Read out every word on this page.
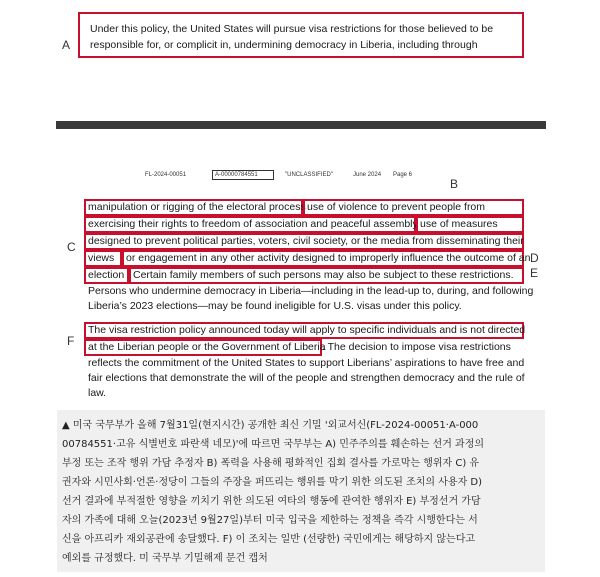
A
Under this policy, the United States will pursue visa restrictions for those believed to be
responsible for, or complicit in, undermining democracy in Liberia, including through
FL-2024-00051	A-00000784551	"UNCLASSIFIED"	June 2024 Page 6
B
C
D
E
F
manipulation or rigging of the electoral process use of violence to prevent people from
exercising their rights to freedom of association and peaceful assembly use of measures
designed to prevent political parties, voters, civil society, or the media from disseminating their
views or engagement in any other activity designed to improperly influence the outcome of an
election Certain family members of such persons may also be subject to these restrictions.
Persons who undermine democracy in Liberia—including in the lead-up to, during, and following
Liberia’s 2023 elections—may be found ineligible for U.S. visas under this policy.
The visa restriction policy announced today will apply to specific individuals and is not directed
at the Liberian people or the Government of Liberia
. The decision to impose visa restrictions
reflects the commitment of the United States to support Liberians’ aspirations to have free and
fair elections that demonstrate the will of the people and strengthen democracy and the rule of
law.
▲ 미국 국무부가 올해 7월31일(현지시간) 공개한 최신 기밀 '외교서신(FL-2024-00051·A-000
00784551·고유 식별번호 파란색 네모)'에 따르면 국무부는 A) 민주주의를 훼손하는 선거 과정의
부정 또는 조작 행위 가담 추정자 B) 폭력을 사용해 평화적인 집회 결사를 가로막는 행위자 C) 유
권자와 시민사회·언론·정당이 그들의 주장을 퍼뜨리는 행위를 막기 위한 의도된 조치의 사용자 D)
선거 결과에 부적절한 영향을 끼치기 위한 의도된 여타의 행동에 관여한 행위자 E) 부정선거 가담
자의 가족에 대해 오늘(2023년 9월27일)부터 미국 입국을 제한하는 정책을 즉각 시행한다는 서
신을 아프리카 재외공관에 송달했다. F) 이 조치는 일반 (선량한) 국민에게는 해당하지 않는다고
예외를 규정했다. 미 국무부 기밀해제 문건 캡처
